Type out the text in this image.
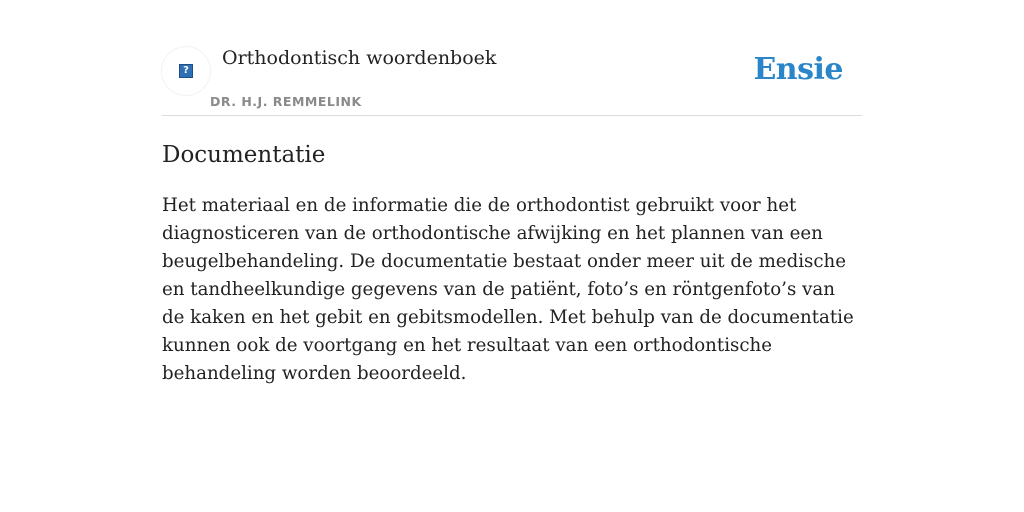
?
Orthodontisch woordenboek
DR. H.J. REMMELINK
Ensie
Documentatie

Het materiaal en de informatie die de orthodontist gebruikt voor het diagnosticeren van de orthodontische afwijking en het plannen van een beugelbehandeling. De documentatie bestaat onder meer uit de medische en tandheelkundige gegevens van de patiënt, foto’s en röntgenfoto’s van de kaken en het gebit en gebitsmodellen. Met behulp van de documentatie kunnen ook de voortgang en het resultaat van een orthodontische behandeling worden beoordeeld.
